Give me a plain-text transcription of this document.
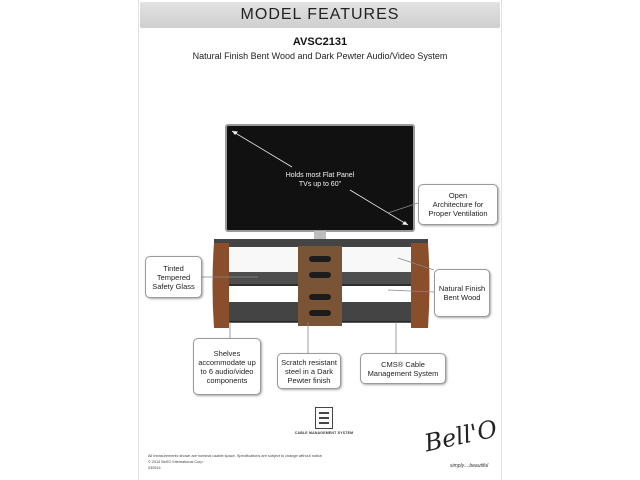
MODEL FEATURES
AVSC2131
Natural Finish Bent Wood and Dark Pewter Audio/Video System
Holds most Flat Panel
TVs up to 60"
Open
Architecture for
Proper Ventilation
Tinted
Tempered
Safety Glass	Natural Finish
Bent Wood
Shelves
accommodate up
to 6 audio/video
components
Scratch resistant
steel in a Dark
Pewter finish
CMS® Cable
Management System
CABLE MANAGEMENT SYSTEM
All measurements shown are nominal usable space. Specifications are subject to change without notice.
© 2014 Bell'O International Corp.
030514
Bell'O
simply....beautiful
